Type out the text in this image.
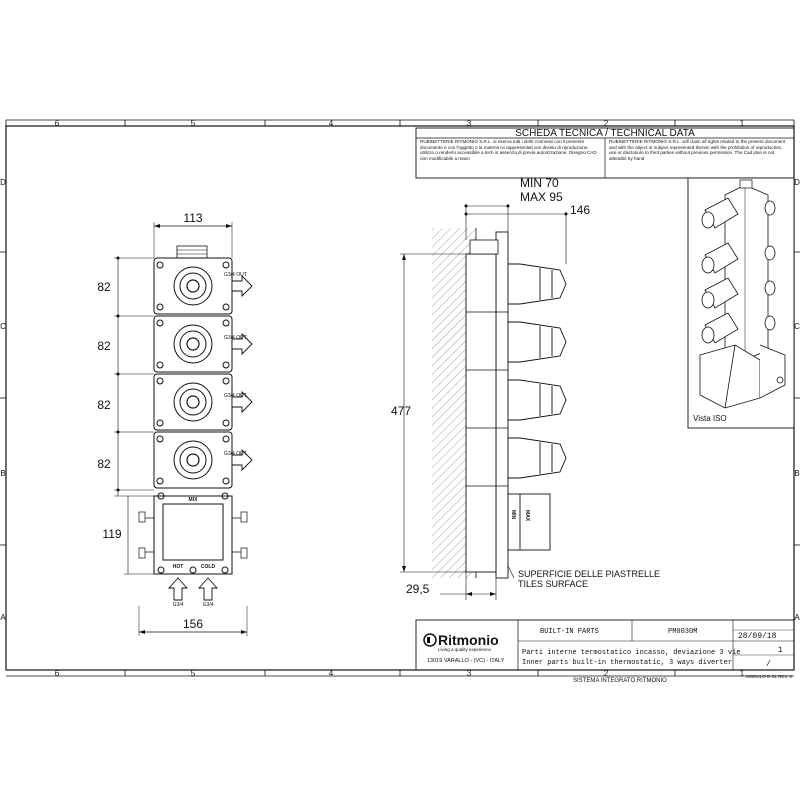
6	5	4	3	2	1
6	5	4	3	2	1
D
C
B
A
D
C
B
A
SCHEDA TECNICA / TECHNICAL DATA
RUBINETTERIE RITMONIO S.R.L. si riserva tutti i diritti connessi con il presente documento e con l'oggetto o la materia ivi rappresentati con divieto di riproduzione, utilizzo o renderlo accessibile a terzi in assenza di previa autorizzazione. Disegno CAD non modificabile a mano
RUBINETTERIE RITMONIO S.R.L. will claim all rights related to the present document and with the object or subject represented therein with the prohibition of reproduction, use or disclosure to third parties without previous permission. The Cad plan is not alterable by hand
Vista ISO
113
G3/4 OUT
G3/4 OUT
G3/4 OUT
G3/4 OUT
MIX
HOT	COLD
G3/4	G3/4
82
82
82
82
119
156
MIN MAX
MIN 70
MAX 95
146
477
29,5
SUPERFICIE DELLE PIASTRELLE
TILES SURFACE
Ritmonio
Living a quality experience
13019 VARALLO - (VC) - ITALY
BUILT-IN PARTS	PM0030M	28/09/18
1
/
Parti interne termostatico incasso, deviazione 3 vie
Inner parts built-in thermostatic, 3 ways diverter
SISTEMA INTEGRATO RITMONIO
MODULO D-31 REV. 3
